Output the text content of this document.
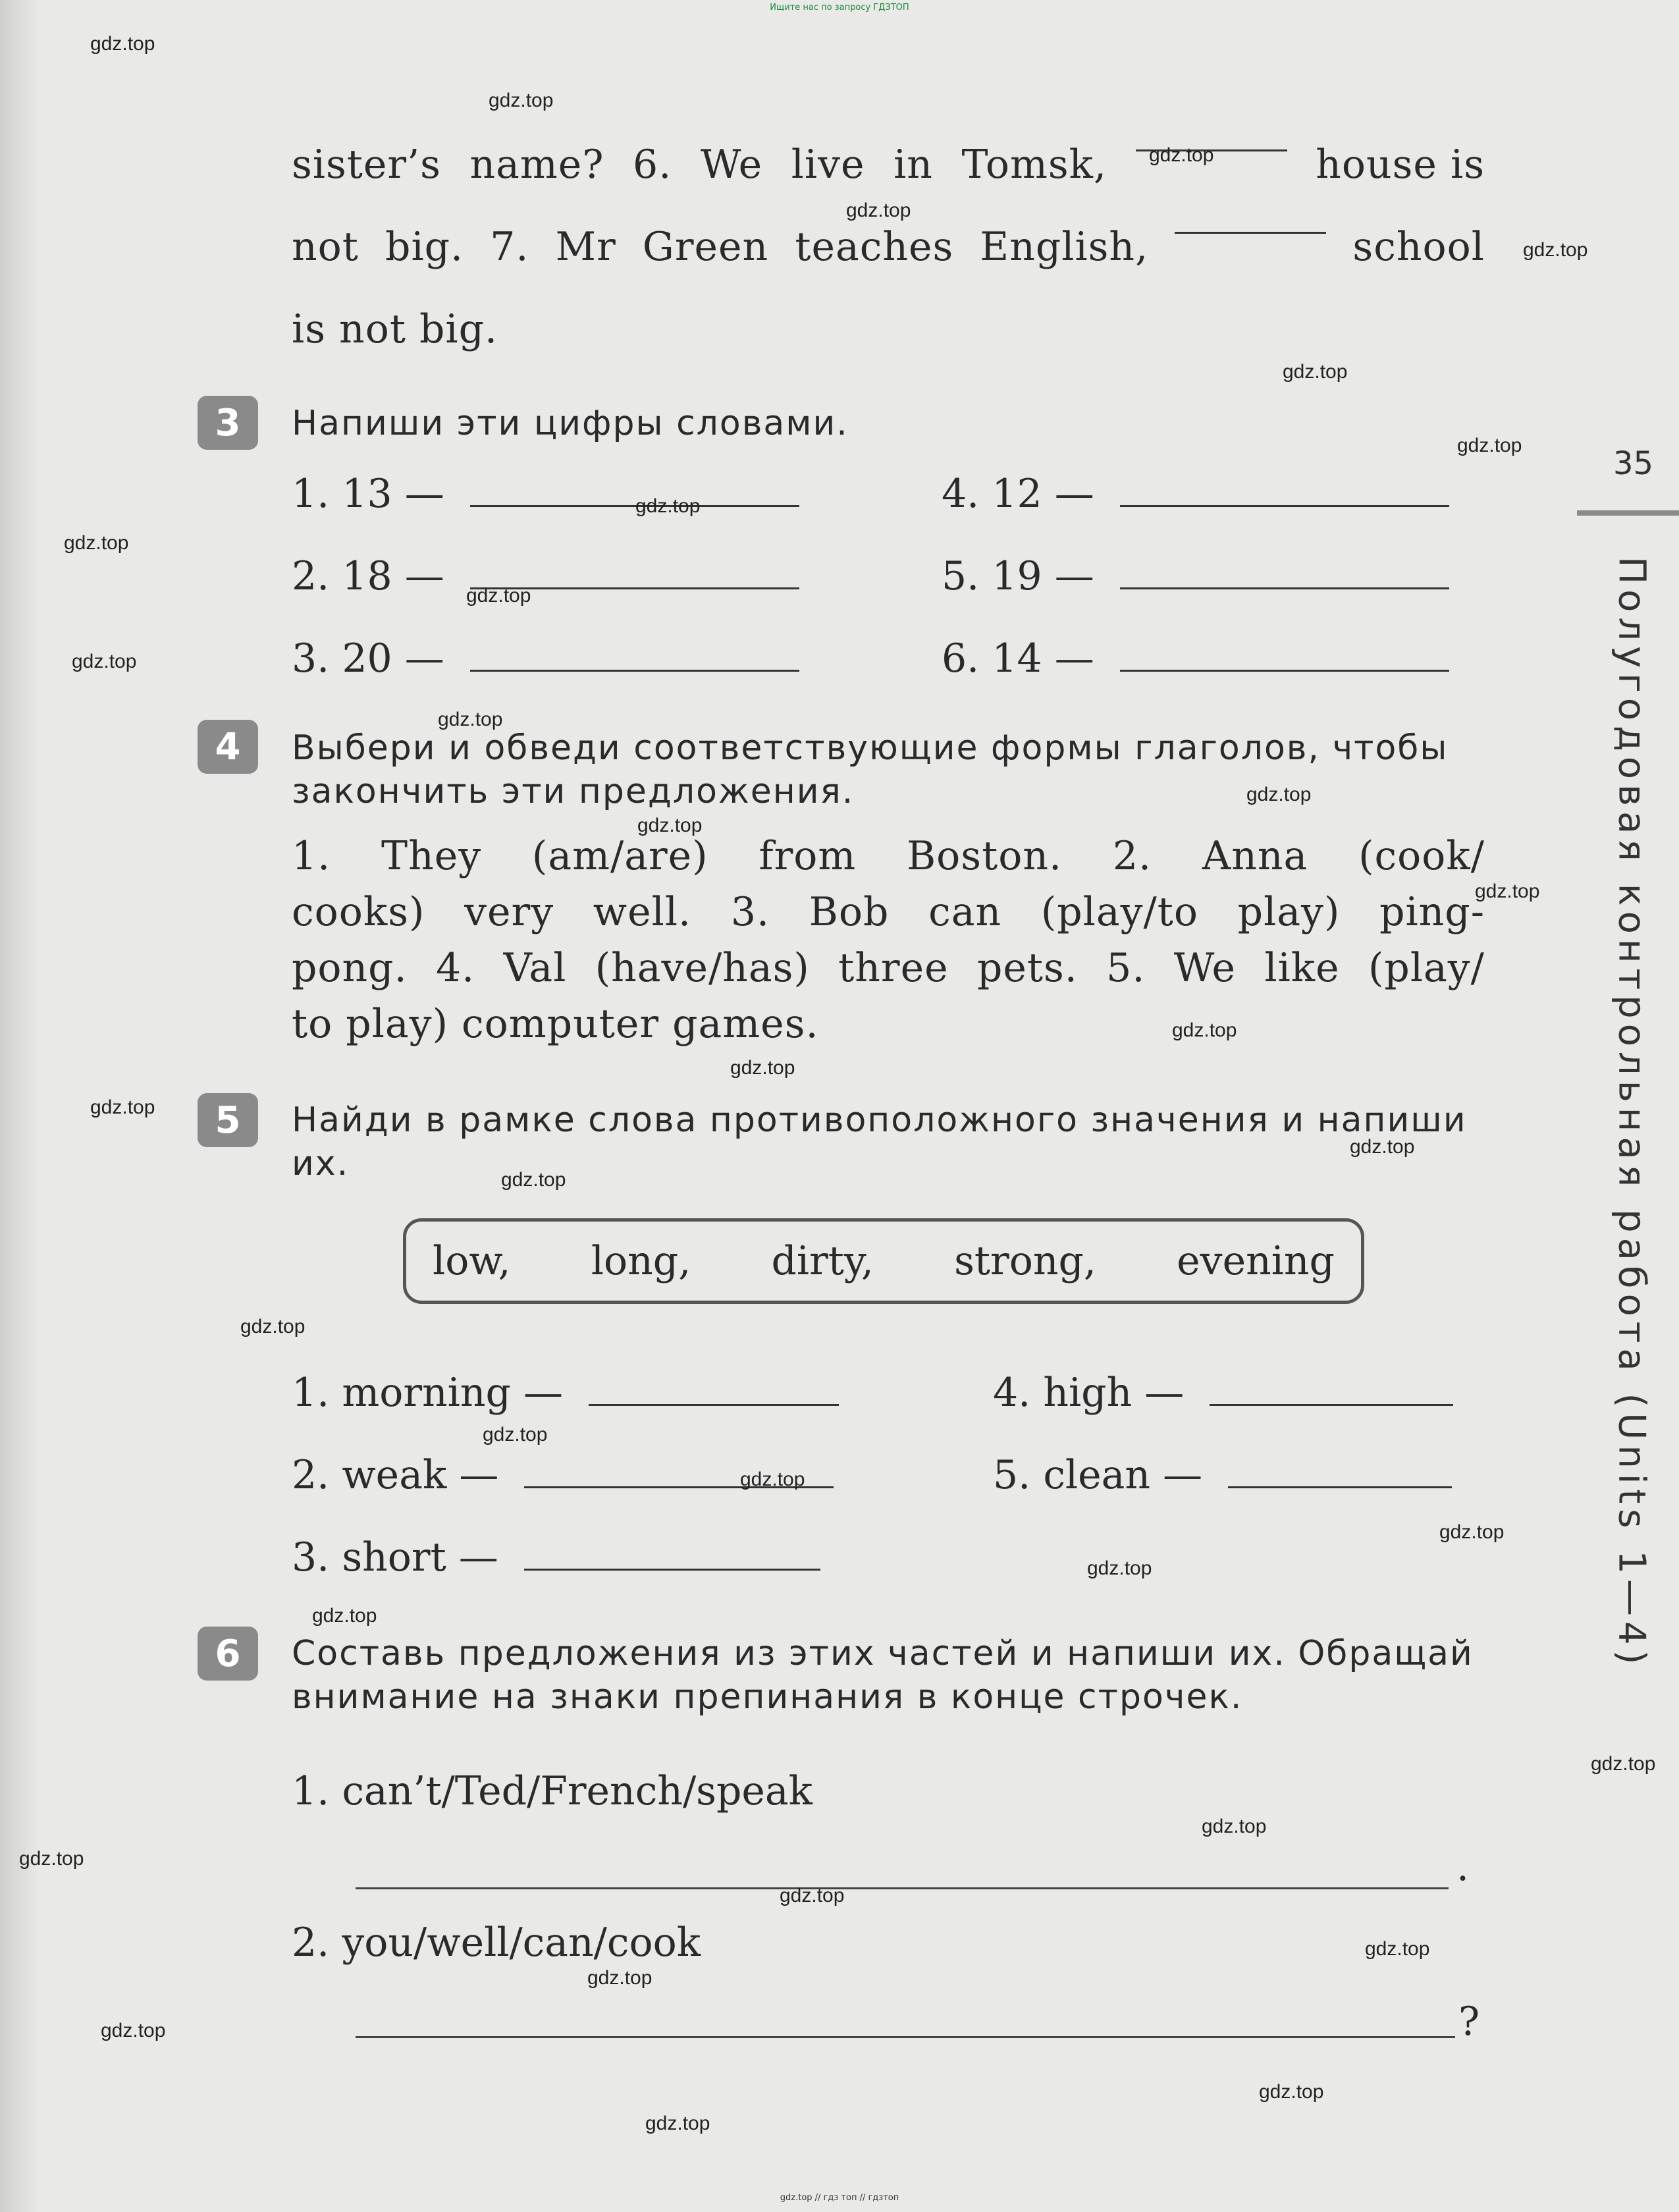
Ищите нас по запросу ГДЗТОП
sister’s name? 6. We live in Tomsk,	house is
not big. 7. Mr Green teaches English,	school
is not big.
3	Напиши эти цифры словами.
1. 13 —	4. 12 —
2. 18 —	5. 19 —
3. 20 —	6. 14 —
4	Выбери и обведи соответствующие формы глаголов, чтобы закончить эти предложения.
1. They (am/are) from Boston. 2. Anna (cook/
cooks) very well. 3. Bob can (play/to play) ping-
pong. 4. Val (have/has) three pets. 5. We like (play/
to play) computer games.
5	Найди в рамке слова противоположного значения и напиши их.
low, long, dirty, strong, evening
1. morning —	4. high —
2. weak —	5. clean —
3. short —
6	Составь предложения из этих частей и напиши их. Обращай внимание на знаки препинания в конце строчек.
1. can’t/Ted/French/speak
.
2. you/well/can/cook
?
35
Полугодовая контрольная работа (Units 1—4)
gdz.top
gdz.top
gdz.top
gdz.top
gdz.top
gdz.top
gdz.top
gdz.top
gdz.top
gdz.top
gdz.top
gdz.top
gdz.top
gdz.top
gdz.top
gdz.top
gdz.top
gdz.top
gdz.top
gdz.top
gdz.top
gdz.top
gdz.top
gdz.top
gdz.top
gdz.top
gdz.top
gdz.top
gdz.top
gdz.top
gdz.top
gdz.top
gdz.top
gdz.top
gdz.top
gdz.top // гдз топ // гдзтоп
